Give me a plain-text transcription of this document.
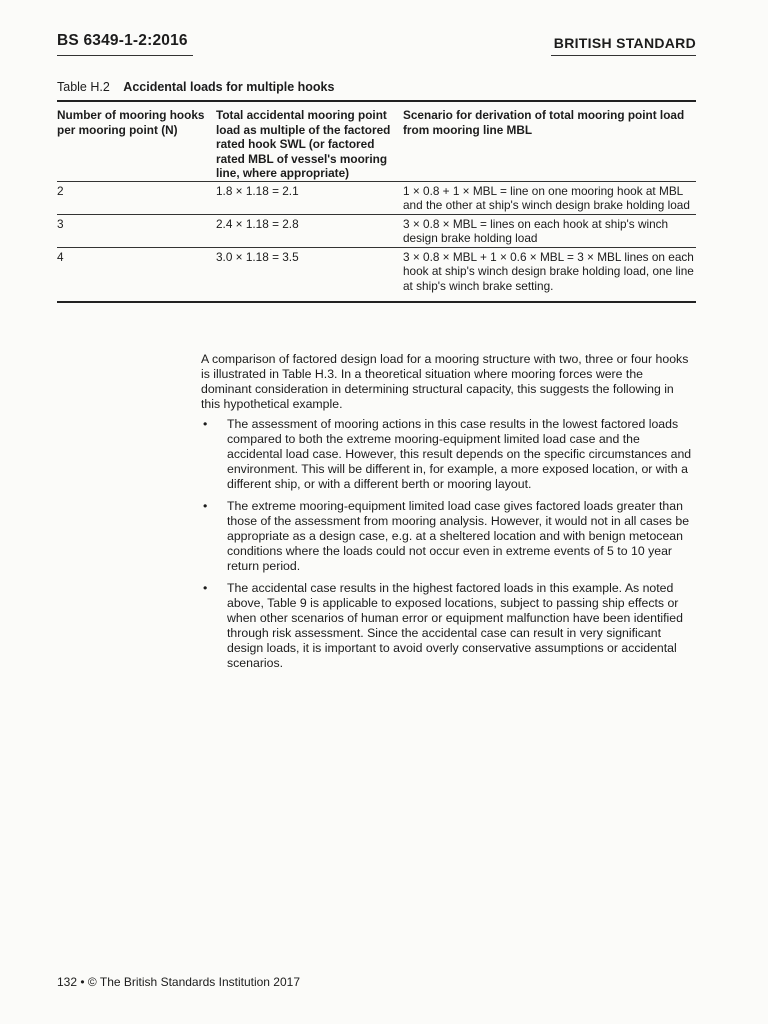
BS 6349-1-2:2016	BRITISH STANDARD
Table H.2 Accidental loads for multiple hooks
Number of mooring hooks per mooring point (N)	Total accidental mooring point load as multiple of the factored rated hook SWL (or factored rated MBL of vessel's mooring line, where appropriate)	Scenario for derivation of total mooring point load from mooring line MBL
2	1.8 × 1.18 = 2.1	1 × 0.8 + 1 × MBL = line on one mooring hook at MBL and the other at ship's winch design brake holding load
3	2.4 × 1.18 = 2.8	3 × 0.8 × MBL = lines on each hook at ship's winch design brake holding load
4	3.0 × 1.18 = 3.5	3 × 0.8 × MBL + 1 × 0.6 × MBL = 3 × MBL lines on each hook at ship's winch design brake holding load, one line at ship's winch brake setting.

A comparison of factored design load for a mooring structure with two, three or four hooks is illustrated in Table H.3. In a theoretical situation where mooring forces were the dominant consideration in determining structural capacity, this suggests the following in this hypothetical example.

• The assessment of mooring actions in this case results in the lowest factored loads compared to both the extreme mooring-equipment limited load case and the accidental load case. However, this result depends on the specific circumstances and environment. This will be different in, for example, a more exposed location, or with a different ship, or with a different berth or mooring layout.
• The extreme mooring-equipment limited load case gives factored loads greater than those of the assessment from mooring analysis. However, it would not in all cases be appropriate as a design case, e.g. at a sheltered location and with benign metocean conditions where the loads could not occur even in extreme events of 5 to 10 year return period.
• The accidental case results in the highest factored loads in this example. As noted above, Table 9 is applicable to exposed locations, subject to passing ship effects or when other scenarios of human error or equipment malfunction have been identified through risk assessment. Since the accidental case can result in very significant design loads, it is important to avoid overly conservative assumptions or accidental scenarios.
132 • © The British Standards Institution 2017
